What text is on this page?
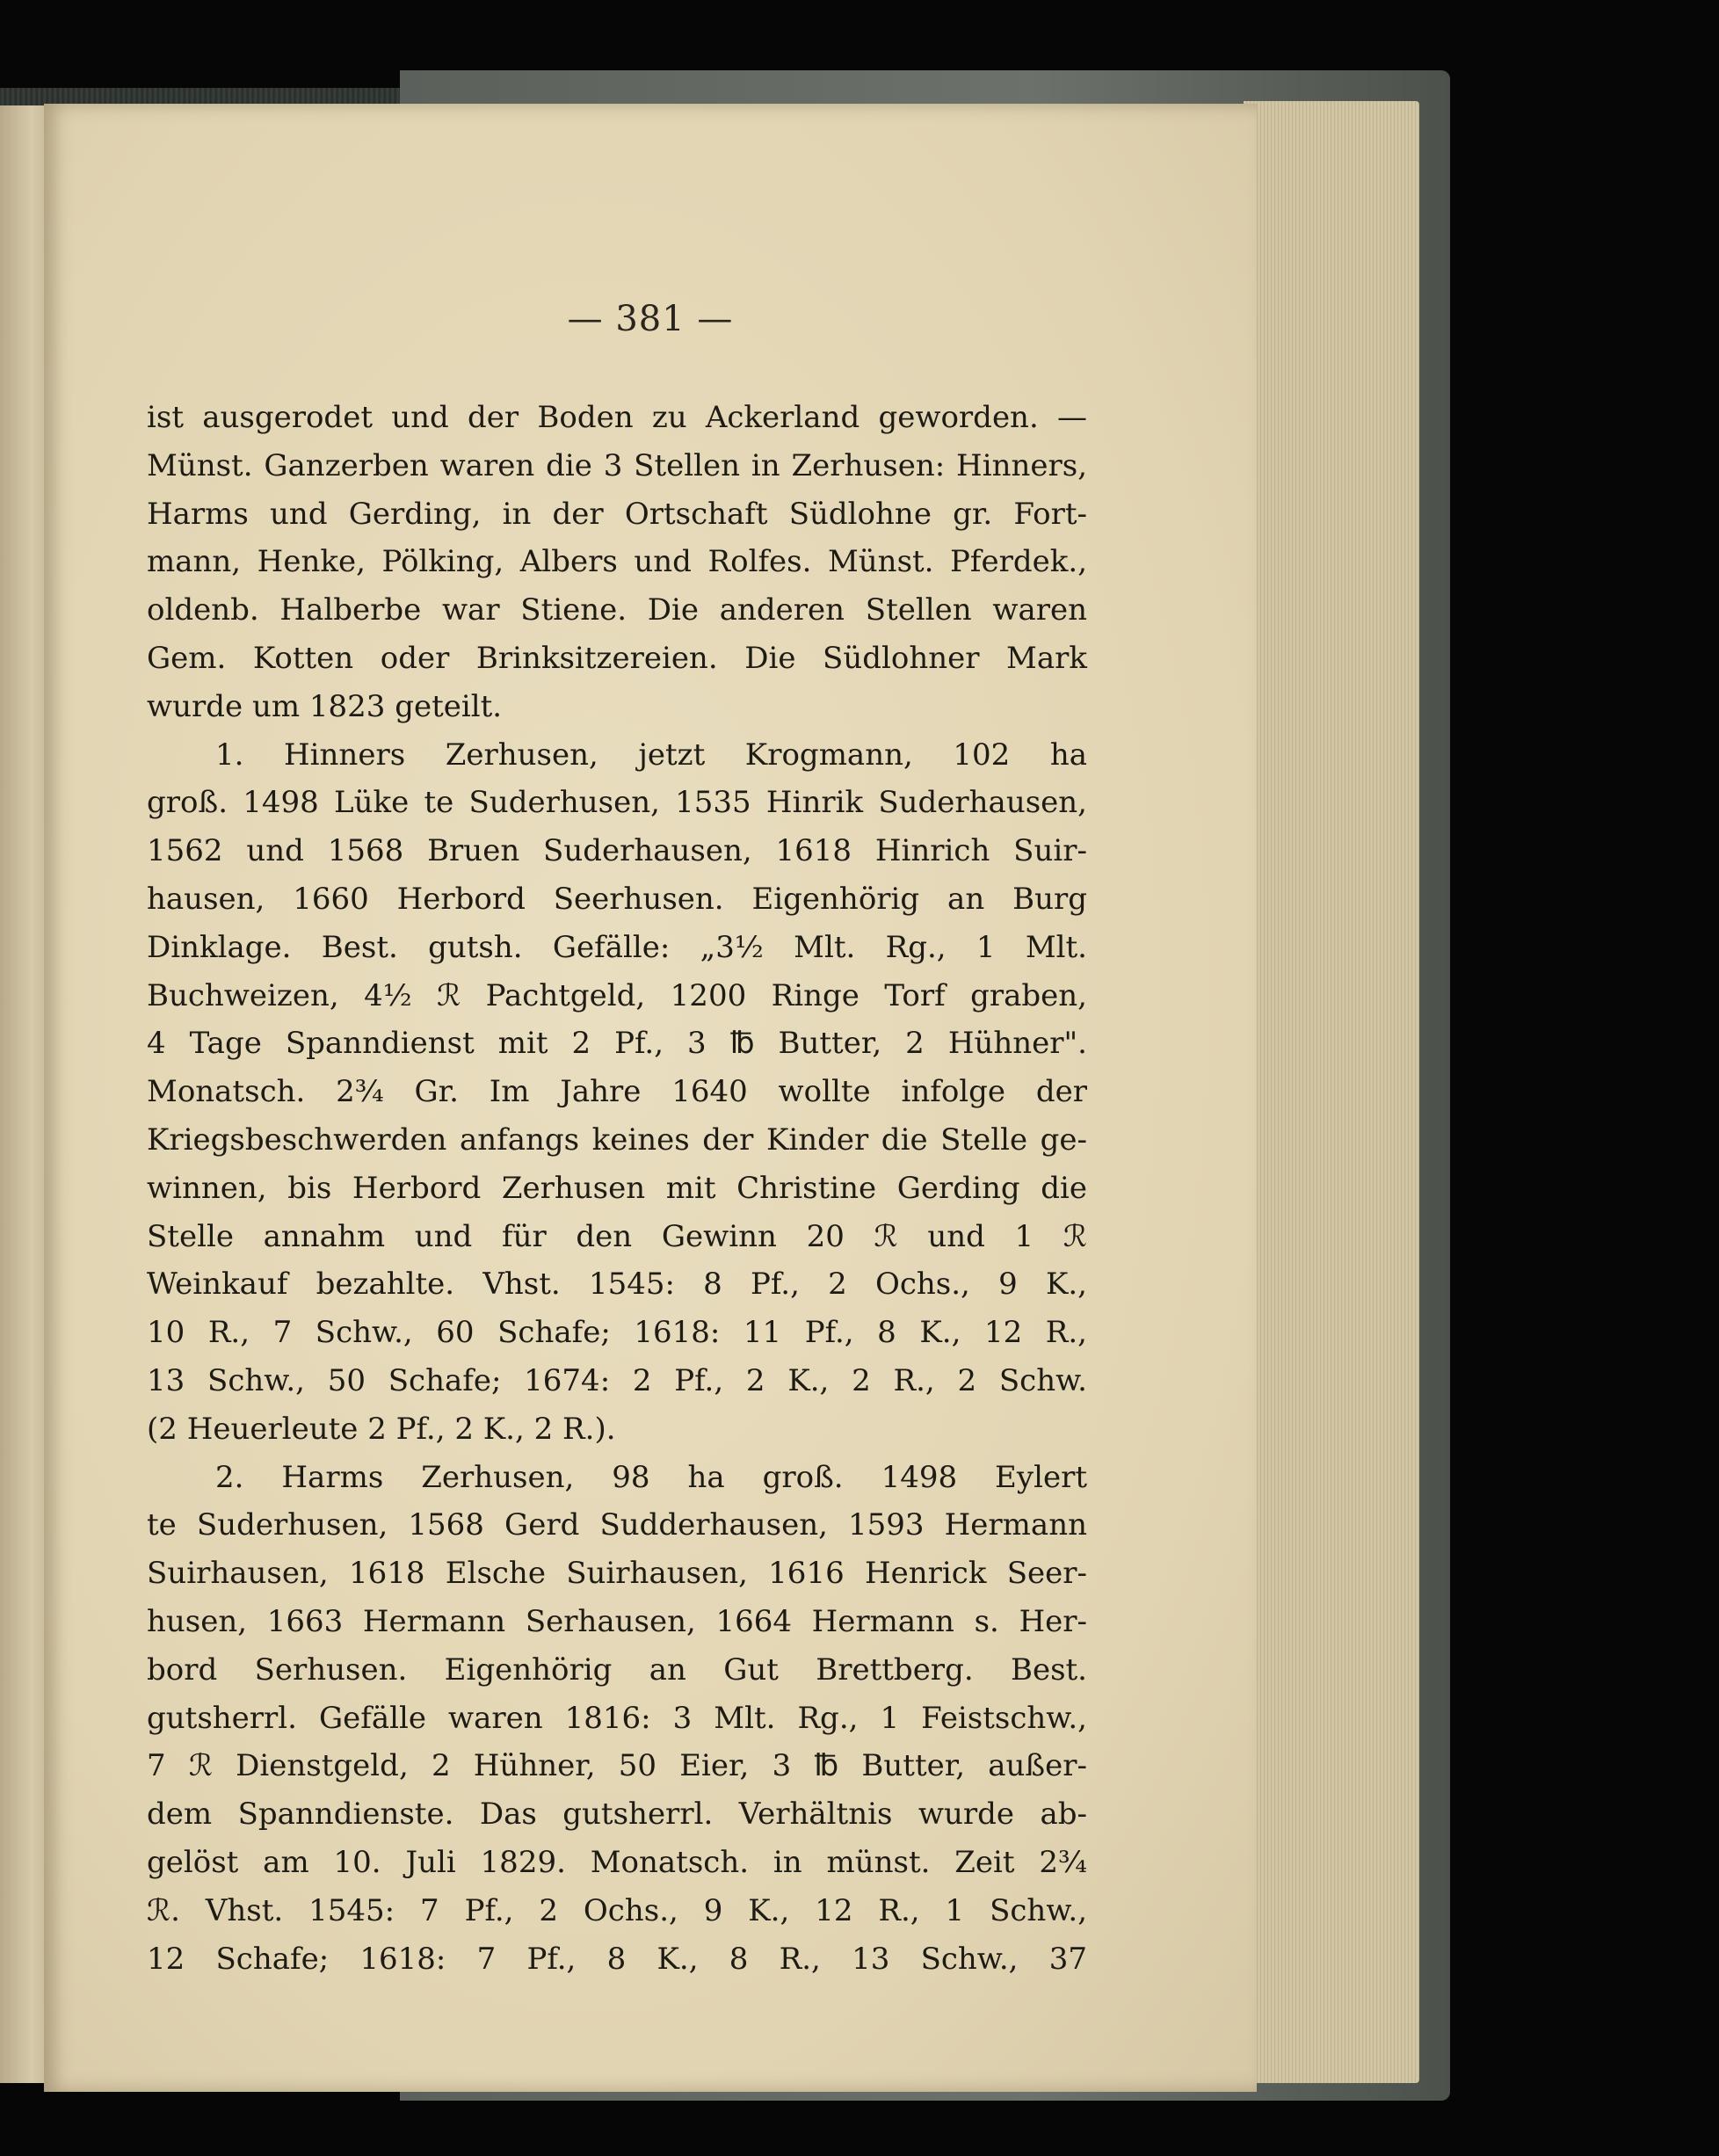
— 381 —
ist ausgerodet und der Boden zu Ackerland geworden. —
Münst. Ganzerben waren die 3 Stellen in Zerhusen: Hinners,
Harms und Gerding, in der Ortschaft Südlohne gr. Fort-
mann, Henke, Pölking, Albers und Rolfes. Münst. Pferdek.,
oldenb. Halberbe war Stiene. Die anderen Stellen waren
Gem. Kotten oder Brinksitzereien. Die Südlohner Mark
wurde um 1823 geteilt.
1. Hinners Zerhusen, jetzt Krogmann, 102 ha
groß. 1498 Lüke te Suderhusen, 1535 Hinrik Suderhausen,
1562 und 1568 Bruen Suderhausen, 1618 Hinrich Suir-
hausen, 1660 Herbord Seerhusen. Eigenhörig an Burg
Dinklage. Best. gutsh. Gefälle: „3½ Mlt. Rg., 1 Mlt.
Buchweizen, 4½ ℛ Pachtgeld, 1200 Ringe Torf graben,
4 Tage Spanndienst mit 2 Pf., 3 ℔ Butter, 2 Hühner".
Monatsch. 2¾ Gr. Im Jahre 1640 wollte infolge der
Kriegsbeschwerden anfangs keines der Kinder die Stelle ge-
winnen, bis Herbord Zerhusen mit Christine Gerding die
Stelle annahm und für den Gewinn 20 ℛ und 1 ℛ
Weinkauf bezahlte. Vhst. 1545: 8 Pf., 2 Ochs., 9 K.,
10 R., 7 Schw., 60 Schafe; 1618: 11 Pf., 8 K., 12 R.,
13 Schw., 50 Schafe; 1674: 2 Pf., 2 K., 2 R., 2 Schw.
(2 Heuerleute 2 Pf., 2 K., 2 R.).
2. Harms Zerhusen, 98 ha groß. 1498 Eylert
te Suderhusen, 1568 Gerd Sudderhausen, 1593 Hermann
Suirhausen, 1618 Elsche Suirhausen, 1616 Henrick Seer-
husen, 1663 Hermann Serhausen, 1664 Hermann s. Her-
bord Serhusen. Eigenhörig an Gut Brettberg. Best.
gutsherrl. Gefälle waren 1816: 3 Mlt. Rg., 1 Feistschw.,
7 ℛ Dienstgeld, 2 Hühner, 50 Eier, 3 ℔ Butter, außer-
dem Spanndienste. Das gutsherrl. Verhältnis wurde ab-
gelöst am 10. Juli 1829. Monatsch. in münst. Zeit 2¾
ℛ. Vhst. 1545: 7 Pf., 2 Ochs., 9 K., 12 R., 1 Schw.,
12 Schafe; 1618: 7 Pf., 8 K., 8 R., 13 Schw., 37
